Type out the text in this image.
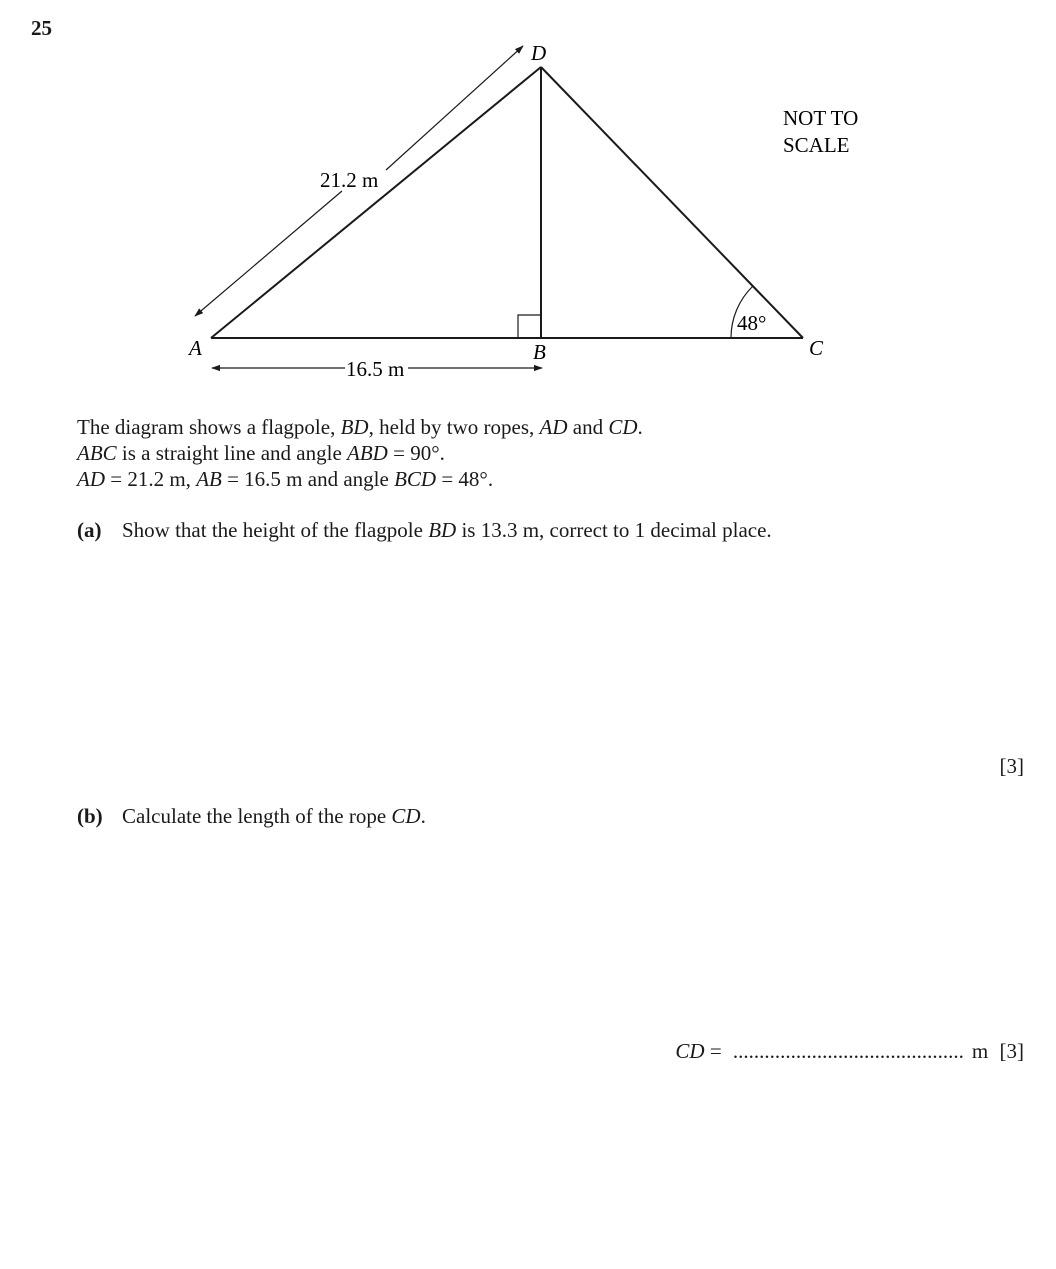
25
D
A	B	C
21.2 m
16.5 m
48°
NOT TO
SCALE

The diagram shows a flagpole, BD, held by two ropes, AD and CD.

ABC is a straight line and angle ABD = 90°.

AD = 21.2 m, AB = 16.5 m and angle BCD = 48°.

(a) Show that the height of the flagpole BD is 13.3 m, correct to 1 decimal place.
[3]
(b) Calculate the length of the rope CD.
CD = ............................................ m [3]
